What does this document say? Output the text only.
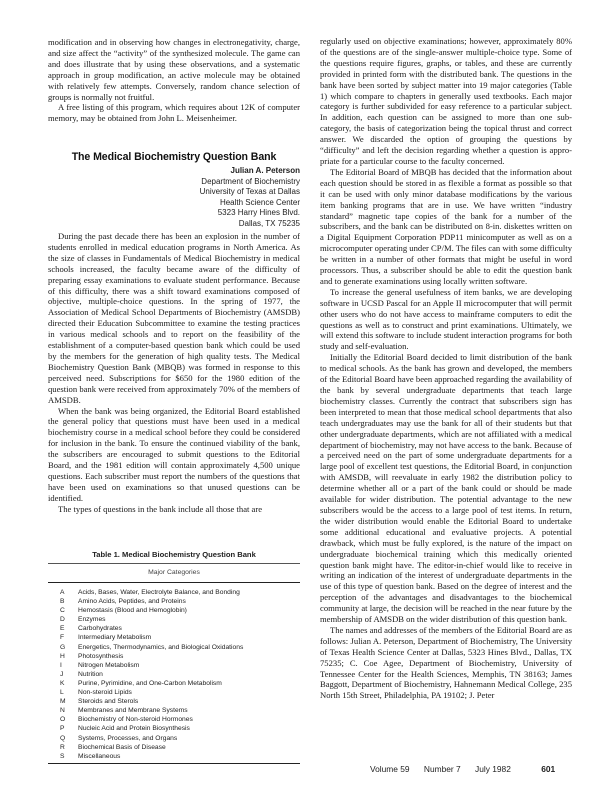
modification and in observing how changes in electronegativity, charge, and size affect the “activity” of the synthesized molecule. The game can and does illustrate that by using these observations, and a systematic approach in group modification, an active molecule may be obtained with relatively few attempts. Conversely, random chance selection of groups is normally not fruitful.

A free listing of this program, which requires about 12K of computer memory, may be obtained from John L. Meisenheimer.

The Medical Biochemistry Question Bank
Julian A. Peterson
Department of Biochemistry
University of Texas at Dallas
Health Science Center
5323 Harry Hines Blvd.
Dallas, TX 75235

During the past decade there has been an explosion in the number of students enrolled in medical education programs in North America. As the size of classes in Fundamentals of Medical Biochemistry in medical schools increased, the faculty became aware of the difficulty of preparing essay examinations to evaluate student performance. Because of this difficulty, there was a shift toward examinations composed of objective, multiple-choice questions. In the spring of 1977, the Association of Medical School Departments of Biochemistry (AMSDB) directed their Education Subcommittee to examine the testing practices in various medical schools and to report on the feasibility of the establishment of a computer-based question bank which could be used by the members for the generation of high quality tests. The Medical Biochemistry Question Bank (MBQB) was formed in response to this perceived need. Subscriptions for $650 for the 1980 edition of the question bank were received from approximately 70% of the members of AMSDB.

When the bank was being organized, the Editorial Board established the general policy that questions must have been used in a medical biochemistry course in a medical school before they could be considered for inclusion in the bank. To ensure the continued viability of the bank, the subscribers are encouraged to submit questions to the Editorial Board, and the 1981 edition will contain approximately 4,500 unique questions. Each subscriber must report the numbers of the questions that have been used on examinations so that unused questions can be identified.

The types of questions in the bank include all those that are

Table 1. Medical Biochemistry Question Bank
Major Categories
A	Acids, Bases, Water, Electrolyte Balance, and Bonding
B	Amino Acids, Peptides, and Proteins
C	Hemostasis (Blood and Hemoglobin)
D	Enzymes
E	Carbohydrates
F	Intermediary Metabolism
G	Energetics, Thermodynamics, and Biological Oxidations
H	Photosynthesis
I	Nitrogen Metabolism
J	Nutrition
K	Purine, Pyrimidine, and One-Carbon Metabolism
L	Non-steroid Lipids
M	Steroids and Sterols
N	Membranes and Membrane Systems
O	Biochemistry of Non-steroid Hormones
P	Nucleic Acid and Protein Biosynthesis
Q	Systems, Processes, and Organs
R	Biochemical Basis of Disease
S	Miscellaneous

regularly used on objective examinations; however, approximately 80% of the questions are of the single-answer multiple-choice type. Some of the questions require figures, graphs, or tables, and these are currently provided in printed form with the distributed bank. The questions in the bank have been sorted by subject matter into 19 major categories (Table 1) which compare to chapters in generally used textbooks. Each major category is further subdivided for easy reference to a particular subject. In addition, each question can be assigned to more than one sub-category, the basis of categorization being the topical thrust and correct answer. We discarded the option of grouping the questions by “difficulty” and left the decision regarding whether a question is appropriate for a particular course to the faculty concerned.

The Editorial Board of MBQB has decided that the information about each question should be stored in as flexible a format as possible so that it can be used with only minor database modifications by the various item banking programs that are in use. We have written “industry standard” magnetic tape copies of the bank for a number of the subscribers, and the bank can be distributed on 8-in. diskettes written on a Digital Equipment Corporation PDP11 minicomputer as well as on a microcomputer operating under CP/M. The files can with some difficulty be written in a number of other formats that might be useful in word processors. Thus, a subscriber should be able to edit the question bank and to generate examinations using locally written software.

To increase the general usefulness of item banks, we are developing software in UCSD Pascal for an Apple II microcomputer that will permit other users who do not have access to mainframe computers to edit the questions as well as to construct and print examinations. Ultimately, we will extend this software to include student interaction programs for both study and self-evaluation.

Initially the Editorial Board decided to limit distribution of the bank to medical schools. As the bank has grown and developed, the members of the Editorial Board have been approached regarding the availability of the bank by several undergraduate departments that teach large biochemistry classes. Currently the contract that subscribers sign has been interpreted to mean that those medical school departments that also teach undergraduates may use the bank for all of their students but that other undergraduate departments, which are not affiliated with a medical department of biochemistry, may not have access to the bank. Because of a perceived need on the part of some undergraduate departments for a large pool of excellent test questions, the Editorial Board, in conjunction with AMSDB, will reevaluate in early 1982 the distribution policy to determine whether all or a part of the bank could or should be made available for wider distribution. The potential advantage to the new subscribers would be the access to a large pool of test items. In return, the wider distribution would enable the Editorial Board to undertake some additional educational and evaluative projects. A potential drawback, which must be fully explored, is the nature of the impact on undergraduate biochemical training which this medically oriented question bank might have. The editor-in-chief would like to receive in writing an indication of the interest of undergraduate departments in the use of this type of question bank. Based on the degree of interest and the perception of the advantages and disadvantages to the biochemical community at large, the decision will be reached in the near future by the membership of AMSDB on the wider distribution of this question bank.

The names and addresses of the members of the Editorial Board are as follows: Julian A. Peterson, Department of Biochemistry, The University of Texas Health Science Center at Dallas, 5323 Hines Blvd., Dallas, TX 75235; C. Coe Agee, Department of Biochemistry, University of Tennessee Center for the Health Sciences, Memphis, TN 38163; James Baggott, Department of Biochemistry, Hahnemann Medical College, 235 North 15th Street, Philadelphia, PA 19102; J. Peter

Volume 59 Number 7 July 1982	601
